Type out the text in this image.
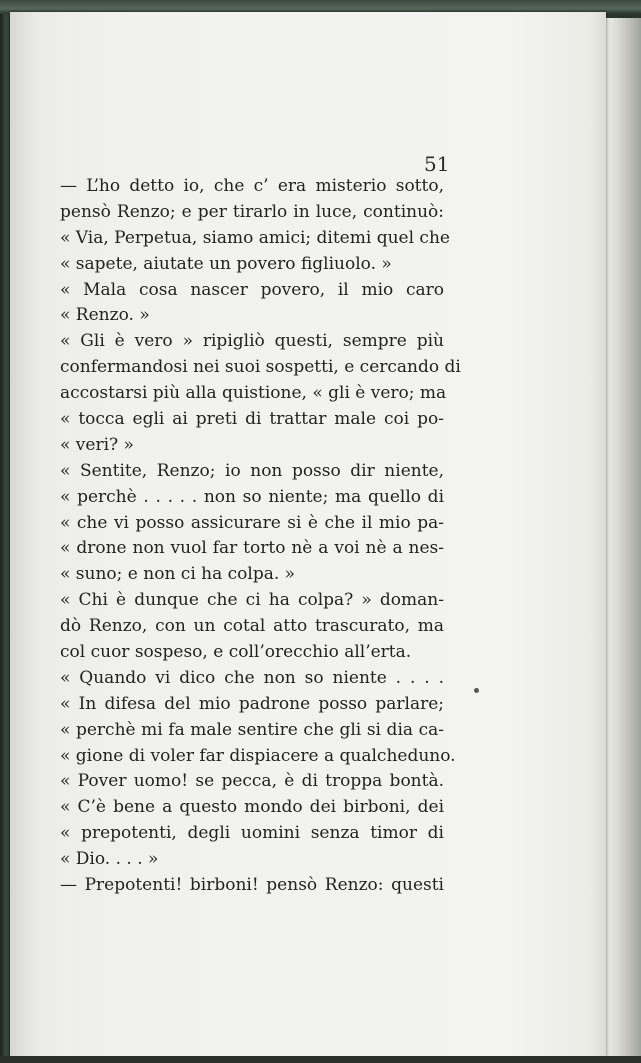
51
— L’ho detto io, che c’ era misterio sotto,
pensò Renzo; e per tirarlo in luce, continuò:
« Via, Perpetua, siamo amici; ditemi quel che
« sapete, aiutate un povero figliuolo. »
« Mala cosa nascer povero, il mio caro
« Renzo. »
« Gli è vero » ripigliò questi, sempre più
confermandosi nei suoi sospetti, e cercando di
accostarsi più alla quistione, « gli è vero; ma
« tocca egli ai preti di trattar male coi po-
« veri? »
« Sentite, Renzo; io non posso dir niente,
« perchè . . . . . non so niente; ma quello di
« che vi posso assicurare si è che il mio pa-
« drone non vuol far torto nè a voi nè a nes-
« suno; e non ci ha colpa. »
« Chi è dunque che ci ha colpa? » doman-
dò Renzo, con un cotal atto trascurato, ma
col cuor sospeso, e coll’orecchio all’erta.
« Quando vi dico che non so niente . . . .
« In difesa del mio padrone posso parlare;
« perchè mi fa male sentire che gli si dia ca-
« gione di voler far dispiacere a qualcheduno.
« Pover uomo! se pecca, è di troppa bontà.
« C’è bene a questo mondo dei birboni, dei
« prepotenti, degli uomini senza timor di
« Dio. . . . »
— Prepotenti! birboni! pensò Renzo: questi
